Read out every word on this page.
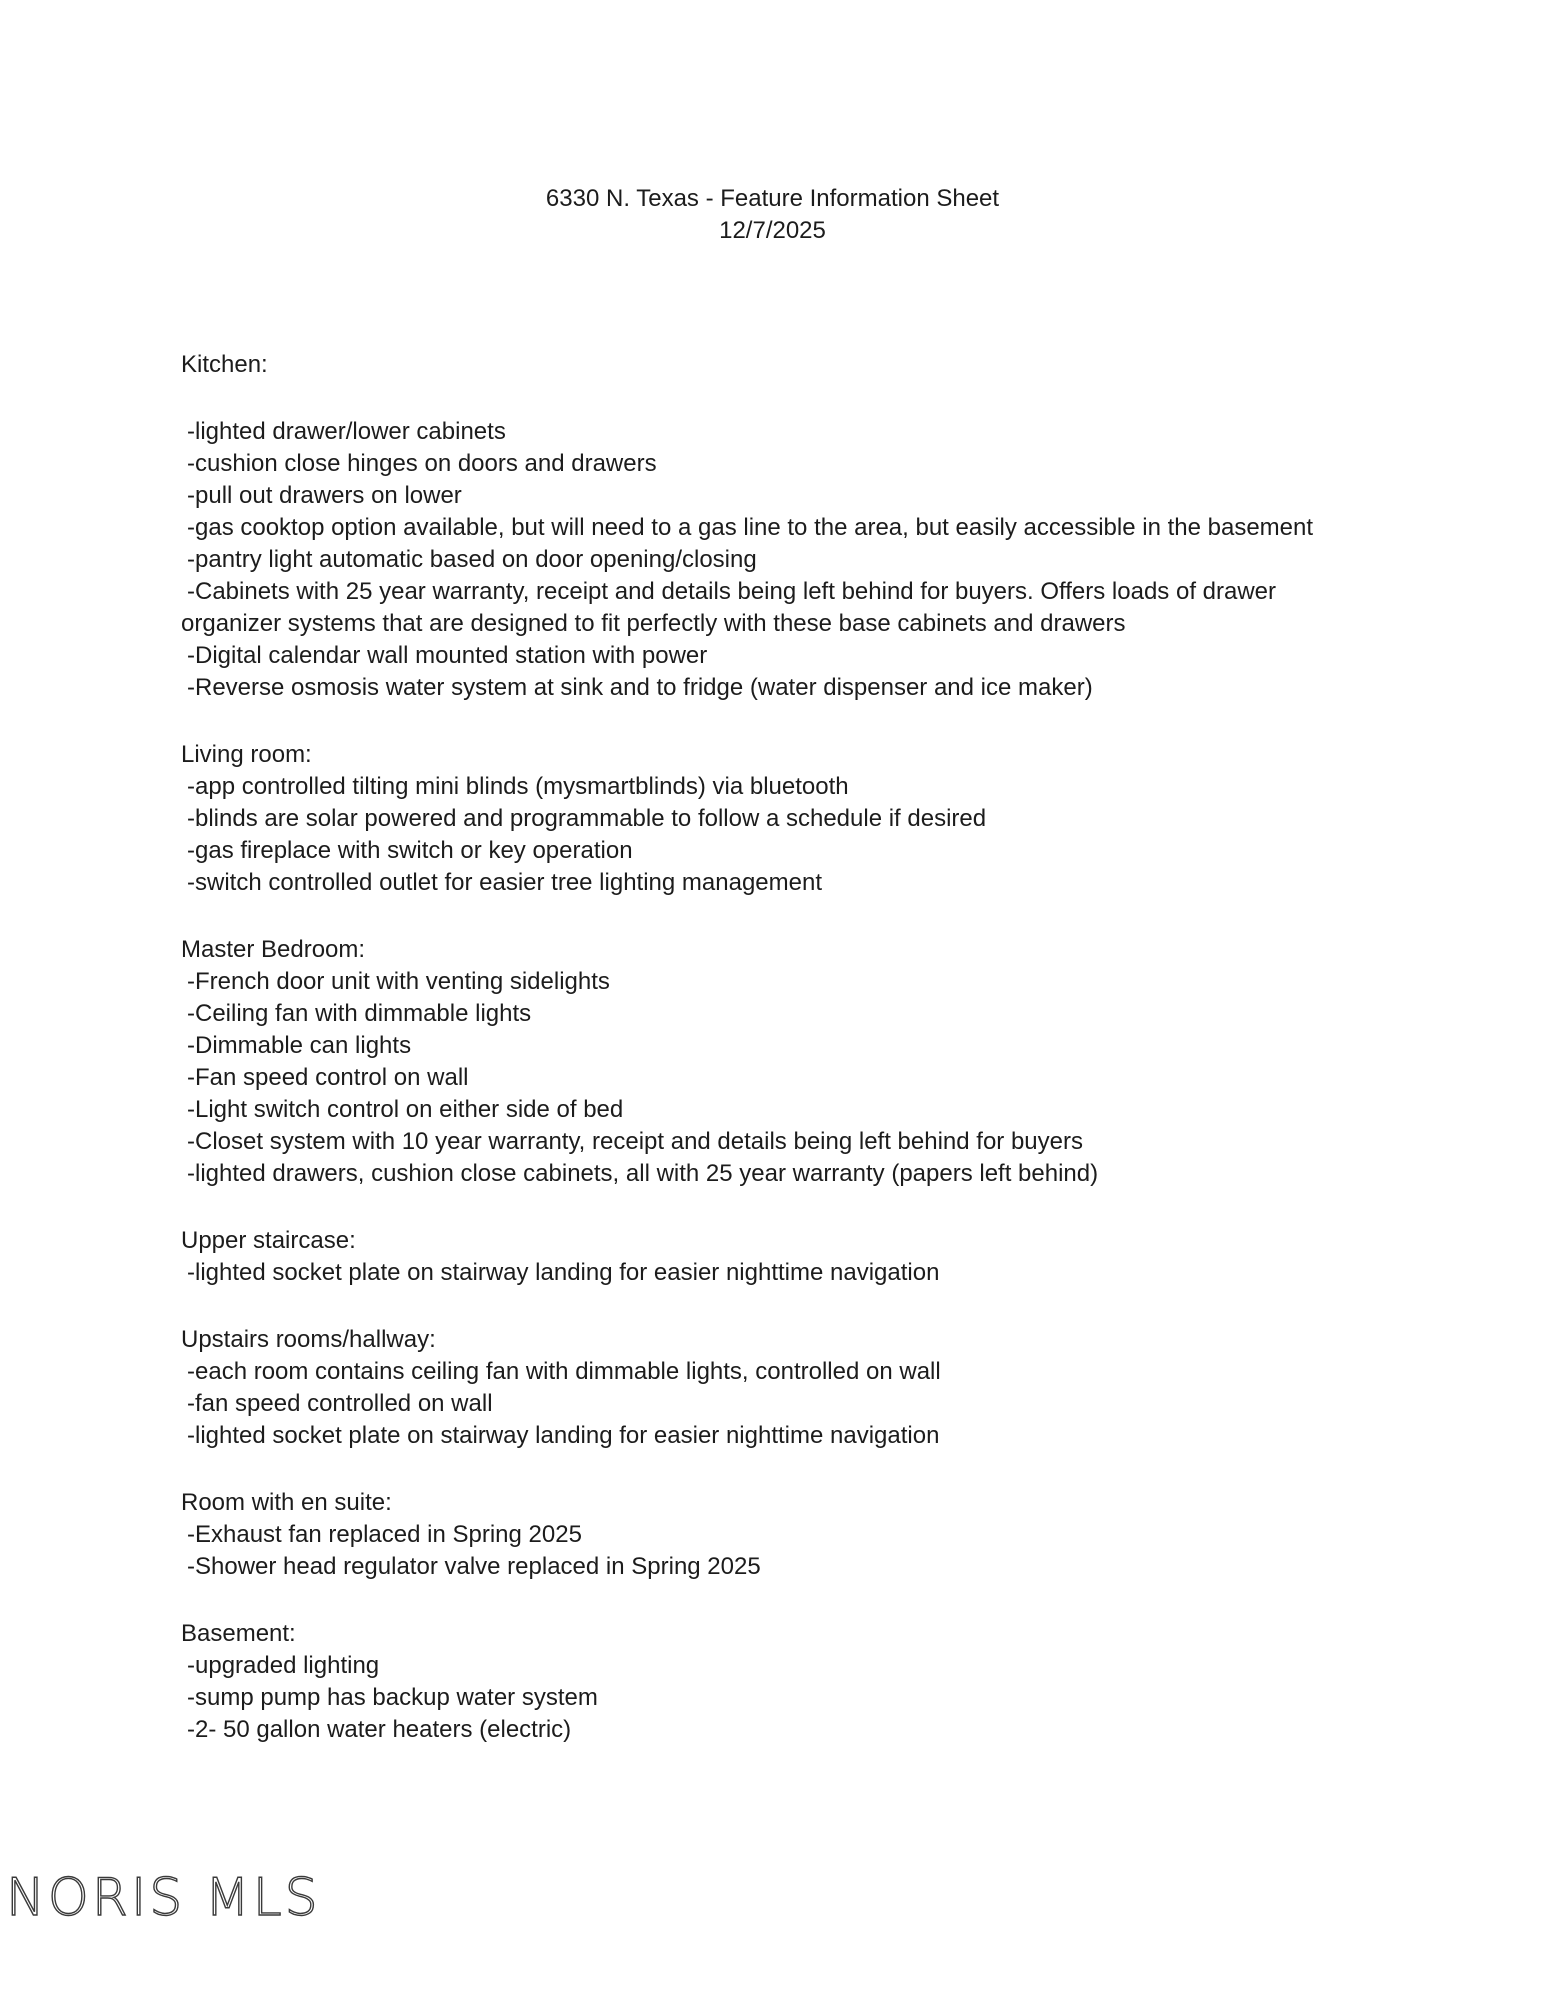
6330 N. Texas - Feature Information Sheet
12/7/2025

Kitchen:

-lighted drawer/lower cabinets
-cushion close hinges on doors and drawers
-pull out drawers on lower
-gas cooktop option available, but will need to a gas line to the area, but easily accessible in the basement
-pantry light automatic based on door opening/closing
-Cabinets with 25 year warranty, receipt and details being left behind for buyers. Offers loads of drawer organizer systems that are designed to fit perfectly with these base cabinets and drawers
-Digital calendar wall mounted station with power
-Reverse osmosis water system at sink and to fridge (water dispenser and ice maker)

Living room:

-app controlled tilting mini blinds (mysmartblinds) via bluetooth
-blinds are solar powered and programmable to follow a schedule if desired
-gas fireplace with switch or key operation
-switch controlled outlet for easier tree lighting management

Master Bedroom:

-French door unit with venting sidelights
-Ceiling fan with dimmable lights
-Dimmable can lights
-Fan speed control on wall
-Light switch control on either side of bed
-Closet system with 10 year warranty, receipt and details being left behind for buyers
-lighted drawers, cushion close cabinets, all with 25 year warranty (papers left behind)

Upper staircase:

-lighted socket plate on stairway landing for easier nighttime navigation

Upstairs rooms/hallway:

-each room contains ceiling fan with dimmable lights, controlled on wall
-fan speed controlled on wall
-lighted socket plate on stairway landing for easier nighttime navigation

Room with en suite:

-Exhaust fan replaced in Spring 2025
-Shower head regulator valve replaced in Spring 2025

Basement:

-upgraded lighting
-sump pump has backup water system
-2- 50 gallon water heaters (electric)
NORIS MLS
